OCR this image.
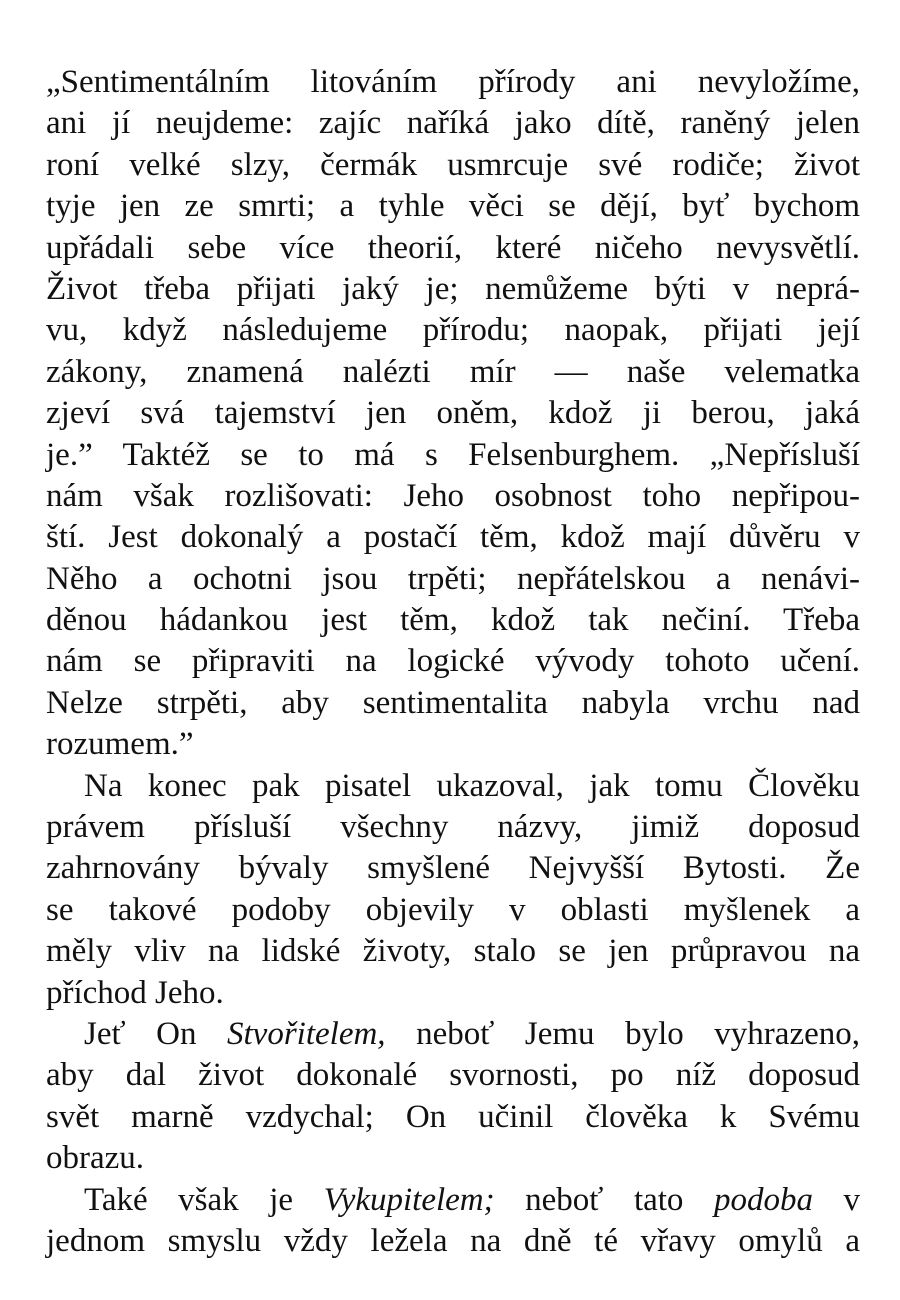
„Sentimentálním litováním přírody ani nevyložíme,
ani jí neujdeme: zajíc naříká jako dítě, raněný jelen
roní velké slzy, čermák usmrcuje své rodiče; život
tyje jen ze smrti; a tyhle věci se dějí, byť bychom
upřádali sebe více theorií, které ničeho nevysvětlí.
Život třeba přijati jaký je; nemůžeme býti v neprá-
vu, když následujeme přírodu; naopak, přijati její
zákony, znamená nalézti mír — naše velematka
zjeví svá tajemství jen oněm, kdož ji berou, jaká
je.” Taktéž se to má s Felsenburghem. „Nepřísluší
nám však rozlišovati: Jeho osobnost toho nepřipou-
ští. Jest dokonalý a postačí těm, kdož mají důvěru v
Něho a ochotni jsou trpěti; nepřátelskou a nenávi-
děnou hádankou jest těm, kdož tak nečiní. Třeba
nám se připraviti na logické vývody tohoto učení.
Nelze strpěti, aby sentimentalita nabyla vrchu nad
rozumem.”
Na konec pak pisatel ukazoval, jak tomu Člověku
právem přísluší všechny názvy, jimiž doposud
zahrnovány bývaly smyšlené Nejvyšší Bytosti. Že
se takové podoby objevily v oblasti myšlenek a
měly vliv na lidské životy, stalo se jen průpravou na
příchod Jeho.
Jeť On Stvořitelem, neboť Jemu bylo vyhrazeno,
aby dal život dokonalé svornosti, po níž doposud
svět marně vzdychal; On učinil člověka k Svému
obrazu.
Také však je Vykupitelem; neboť tato podoba v
jednom smyslu vždy ležela na dně té vřavy omylů a
